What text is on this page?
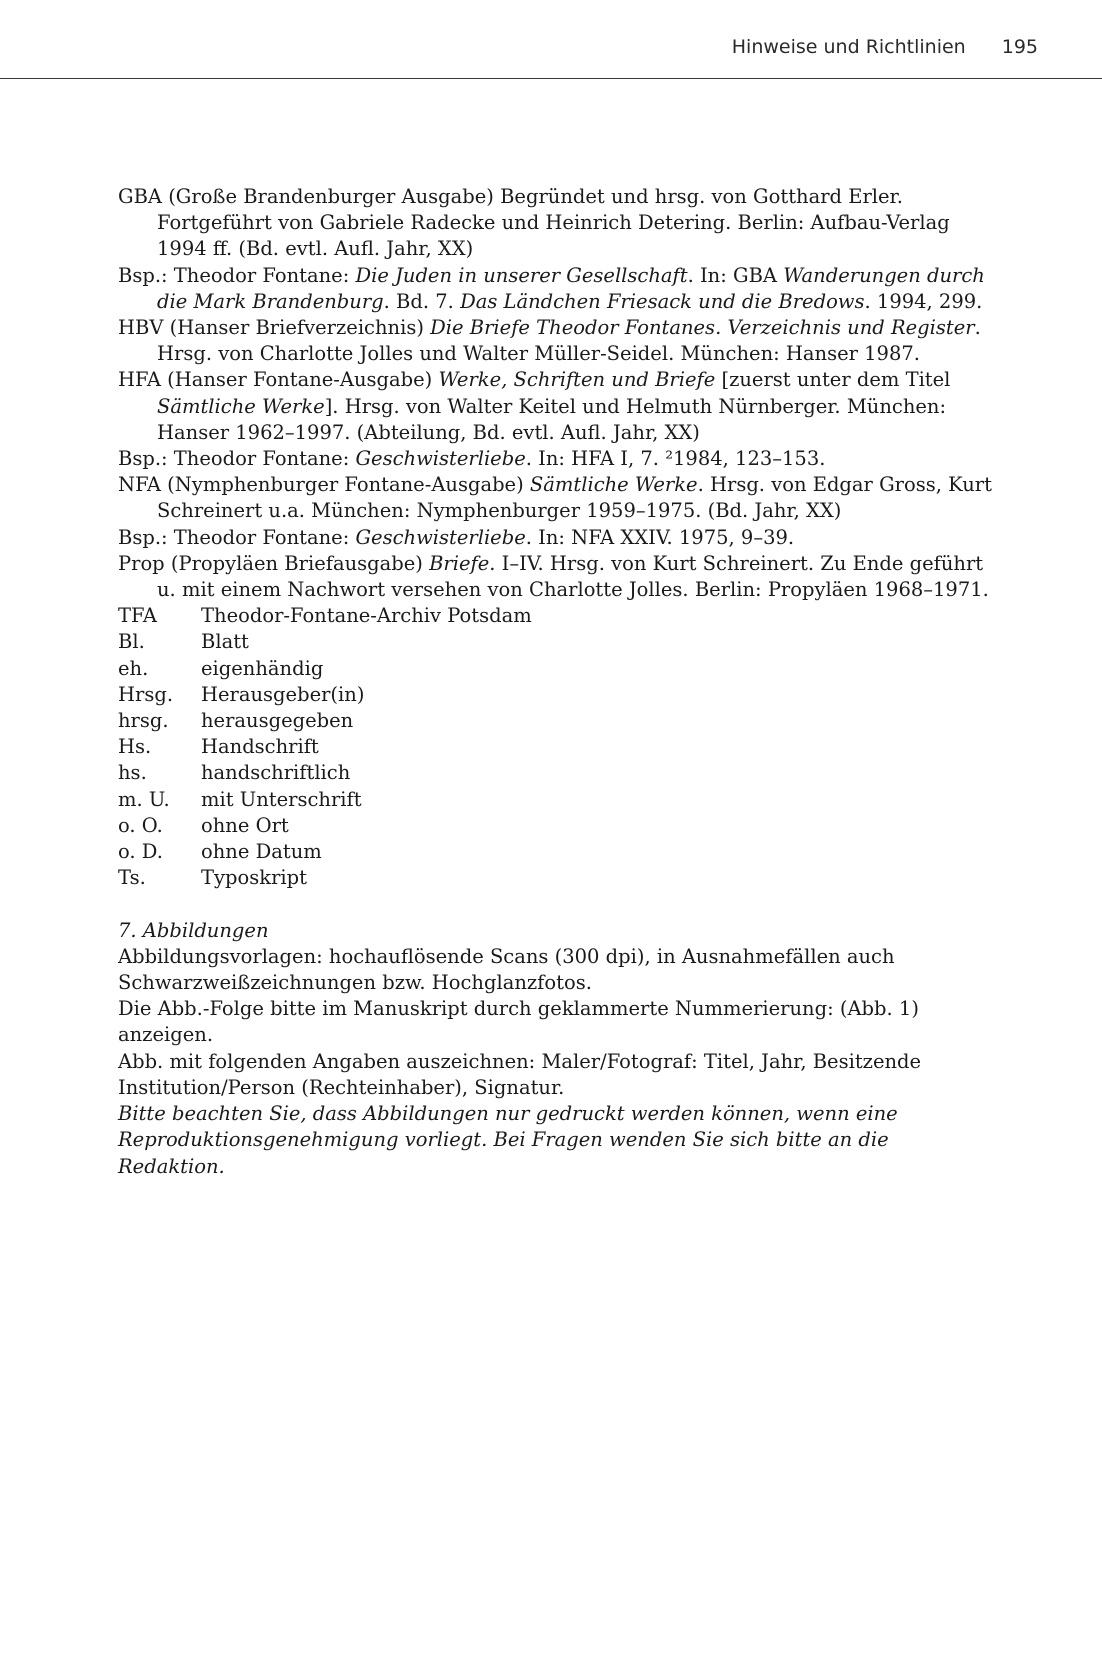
Hinweise und Richtlinien 195

GBA (Große Brandenburger Ausgabe) Begründet und hrsg. von Gotthard Erler. Fortgeführt von Gabriele Radecke und Heinrich Detering. Berlin: Aufbau-Verlag 1994 ff. (Bd. evtl. Aufl. Jahr, XX)
Bsp.: Theodor Fontane: Die Juden in unserer Gesellschaft. In: GBA Wanderungen durch die Mark Brandenburg. Bd. 7. Das Ländchen Friesack und die Bredows. 1994, 299.

HBV (Hanser Briefverzeichnis) Die Briefe Theodor Fontanes. Verzeichnis und Register. Hrsg. von Charlotte Jolles und Walter Müller-Seidel. München: Hanser 1987.

HFA (Hanser Fontane-Ausgabe) Werke, Schriften und Briefe [zuerst unter dem Titel Sämtliche Werke]. Hrsg. von Walter Keitel und Helmuth Nürnberger. München: Hanser 1962–1997. (Abteilung, Bd. evtl. Aufl. Jahr, XX)
Bsp.: Theodor Fontane: Geschwisterliebe. In: HFA I, 7. ²1984, 123–153.

NFA (Nymphenburger Fontane-Ausgabe) Sämtliche Werke. Hrsg. von Edgar Gross, Kurt Schreinert u.a. München: Nymphenburger 1959–1975. (Bd. Jahr, XX)
Bsp.: Theodor Fontane: Geschwisterliebe. In: NFA XXIV. 1975, 9–39.

Prop (Propyläen Briefausgabe) Briefe. I–IV. Hrsg. von Kurt Schreinert. Zu Ende geführt u. mit einem Nachwort versehen von Charlotte Jolles. Berlin: Propyläen 1968–1971.

TFA	Theodor-Fontane-Archiv Potsdam
Bl.	Blatt
eh.	eigenhändig
Hrsg.	Herausgeber(in)
hrsg.	herausgegeben
Hs.	Handschrift
hs.	handschriftlich
m. U.	mit Unterschrift
o. O.	ohne Ort
o. D.	ohne Datum
Ts.	Typoskript
7. Abbildungen

Abbildungsvorlagen: hochauflösende Scans (300 dpi), in Ausnahmefällen auch Schwarzweißzeichnungen bzw. Hochglanzfotos.

Die Abb.-Folge bitte im Manuskript durch geklammerte Nummerierung: (Abb. 1) anzeigen.

Abb. mit folgenden Angaben auszeichnen: Maler/Fotograf: Titel, Jahr, Besitzende Institution/Person (Rechteinhaber), Signatur.

Bitte beachten Sie, dass Abbildungen nur gedruckt werden können, wenn eine Reproduktionsgenehmigung vorliegt. Bei Fragen wenden Sie sich bitte an die Redaktion.
